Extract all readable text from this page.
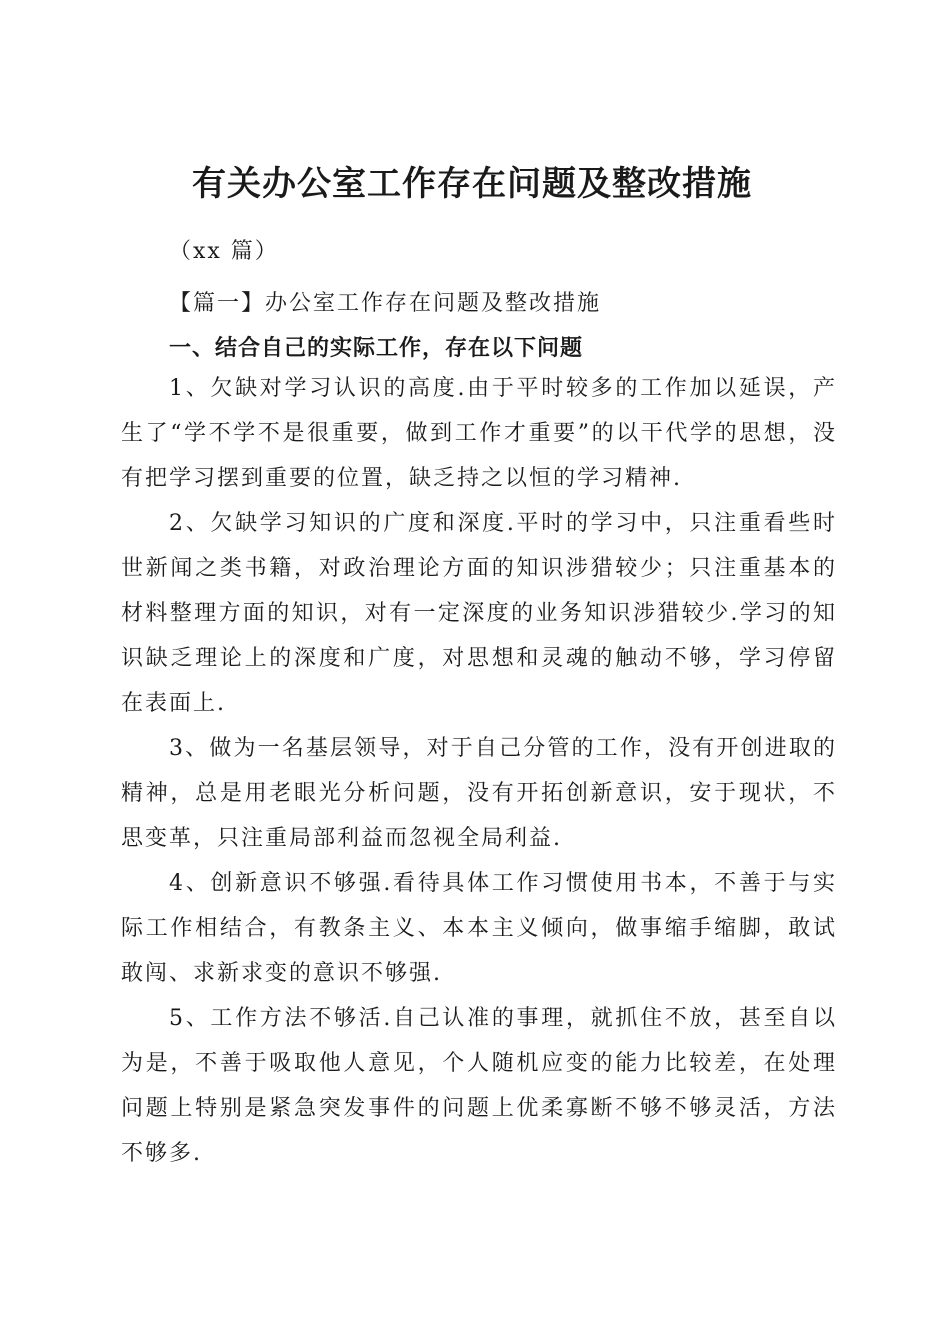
有关办公室工作存在问题及整改措施

（xx 篇）

【篇一】办公室工作存在问题及整改措施

一、结合自己的实际工作，存在以下问题

1、欠缺对学习认识的高度.由于平时较多的工作加以延误，产生了“学不学不是很重要，做到工作才重要”的以干代学的思想，没有把学习摆到重要的位置，缺乏持之以恒的学习精神.

2、欠缺学习知识的广度和深度.平时的学习中，只注重看些时世新闻之类书籍，对政治理论方面的知识涉猎较少；只注重基本的材料整理方面的知识，对有一定深度的业务知识涉猎较少.学习的知识缺乏理论上的深度和广度，对思想和灵魂的触动不够，学习停留在表面上.

3、做为一名基层领导，对于自己分管的工作，没有开创进取的精神，总是用老眼光分析问题，没有开拓创新意识，安于现状，不思变革，只注重局部利益而忽视全局利益.

4、创新意识不够强.看待具体工作习惯使用书本，不善于与实际工作相结合，有教条主义、本本主义倾向，做事缩手缩脚，敢试敢闯、求新求变的意识不够强.

5、工作方法不够活.自己认准的事理，就抓住不放，甚至自以为是，不善于吸取他人意见，个人随机应变的能力比较差，在处理问题上特别是紧急突发事件的问题上优柔寡断不够不够灵活，方法不够多.
